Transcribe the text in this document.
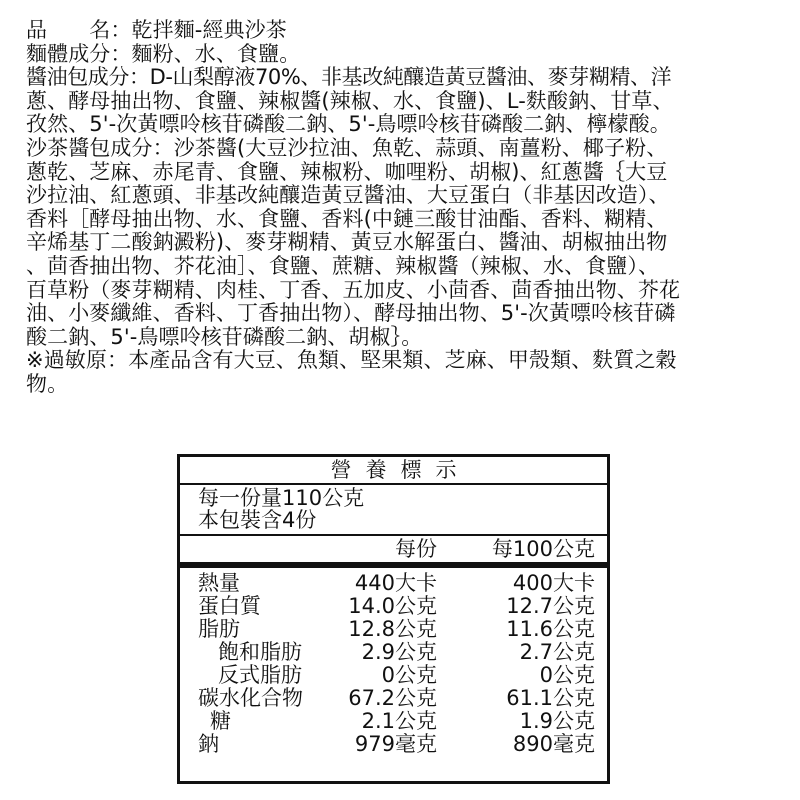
品　　名：乾拌麵-經典沙茶
麵體成分：麵粉、水、食鹽。
醬油包成分：D-山梨醇液70%、非基改純釀造黃豆醬油、麥芽糊精、洋
蔥、酵母抽出物、食鹽、辣椒醬(辣椒、水、食鹽)、L-麩酸鈉、甘草、
孜然、5'-次黃嘌呤核苷磷酸二鈉、5'-鳥嘌呤核苷磷酸二鈉、檸檬酸。
沙茶醬包成分：沙茶醬(大豆沙拉油、魚乾、蒜頭、南薑粉、椰子粉、
蔥乾、芝麻、赤尾青、食鹽、辣椒粉、咖哩粉、胡椒)、紅蔥醬｛大豆
沙拉油、紅蔥頭、非基改純釀造黃豆醬油、大豆蛋白（非基因改造）、
香料［酵母抽出物、水、食鹽、香料(中鏈三酸甘油酯、香料、糊精、
辛烯基丁二酸鈉澱粉)、麥芽糊精、黃豆水解蛋白、醬油、胡椒抽出物
、茴香抽出物、芥花油］、食鹽、蔗糖、辣椒醬（辣椒、水、食鹽）、
百草粉（麥芽糊精、肉桂、丁香、五加皮、小茴香、茴香抽出物、芥花
油、小麥纖維、香料、丁香抽出物）、酵母抽出物、5'-次黃嘌呤核苷磷
酸二鈉、5'-鳥嘌呤核苷磷酸二鈉、胡椒｝。
※過敏原：本產品含有大豆、魚類、堅果類、芝麻、甲殼類、麩質之穀
物。
營養標示
每一份量110公克
本包裝含4份
每份	每100公克
熱量	440大卡	400大卡
蛋白質	14.0公克	12.7公克
脂肪	12.8公克	11.6公克
飽和脂肪	2.9公克	2.7公克
反式脂肪	0公克	0公克
碳水化合物 67.2公克	61.1公克
糖	2.1公克	1.9公克
鈉	979毫克	890毫克
